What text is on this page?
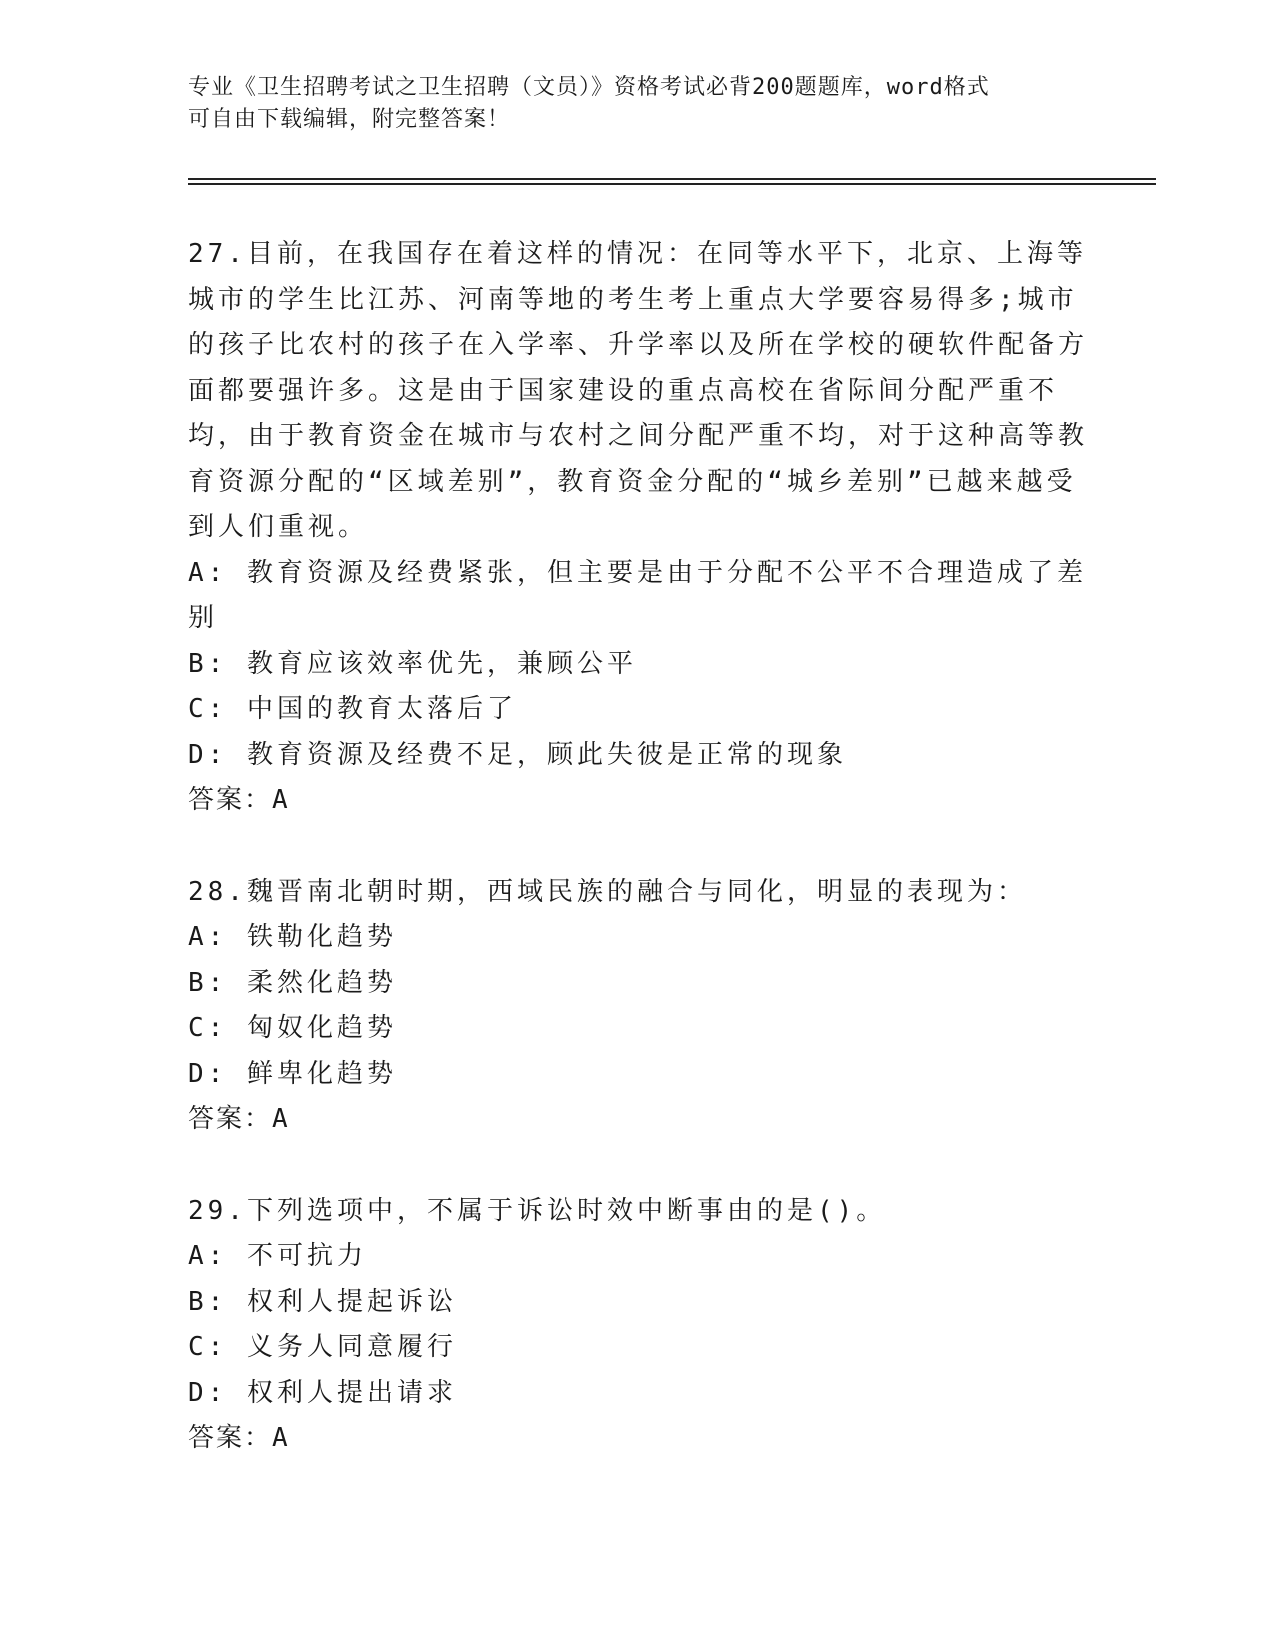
专业《卫生招聘考试之卫生招聘（文员）》资格考试必背200题题库，word格式
可自由下载编辑，附完整答案！

27.目前，在我国存在着这样的情况：在同等水平下，北京、上海等城市的学生比江苏、河南等地的考生考上重点大学要容易得多;城市的孩子比农村的孩子在入学率、升学率以及所在学校的硬软件配备方面都要强许多。这是由于国家建设的重点高校在省际间分配严重不均，由于教育资金在城市与农村之间分配严重不均，对于这种高等教育资源分配的“区域差别”，教育资金分配的“城乡差别”已越来越受到人们重视。

A: 教育资源及经费紧张，但主要是由于分配不公平不合理造成了差别

B: 教育应该效率优先，兼顾公平

C: 中国的教育太落后了

D: 教育资源及经费不足，顾此失彼是正常的现象

答案：A

28.魏晋南北朝时期，西域民族的融合与同化，明显的表现为：

A: 铁勒化趋势

B: 柔然化趋势

C: 匈奴化趋势

D: 鲜卑化趋势

答案：A

29.下列选项中，不属于诉讼时效中断事由的是()。

A: 不可抗力

B: 权利人提起诉讼

C: 义务人同意履行

D: 权利人提出请求

答案：A
